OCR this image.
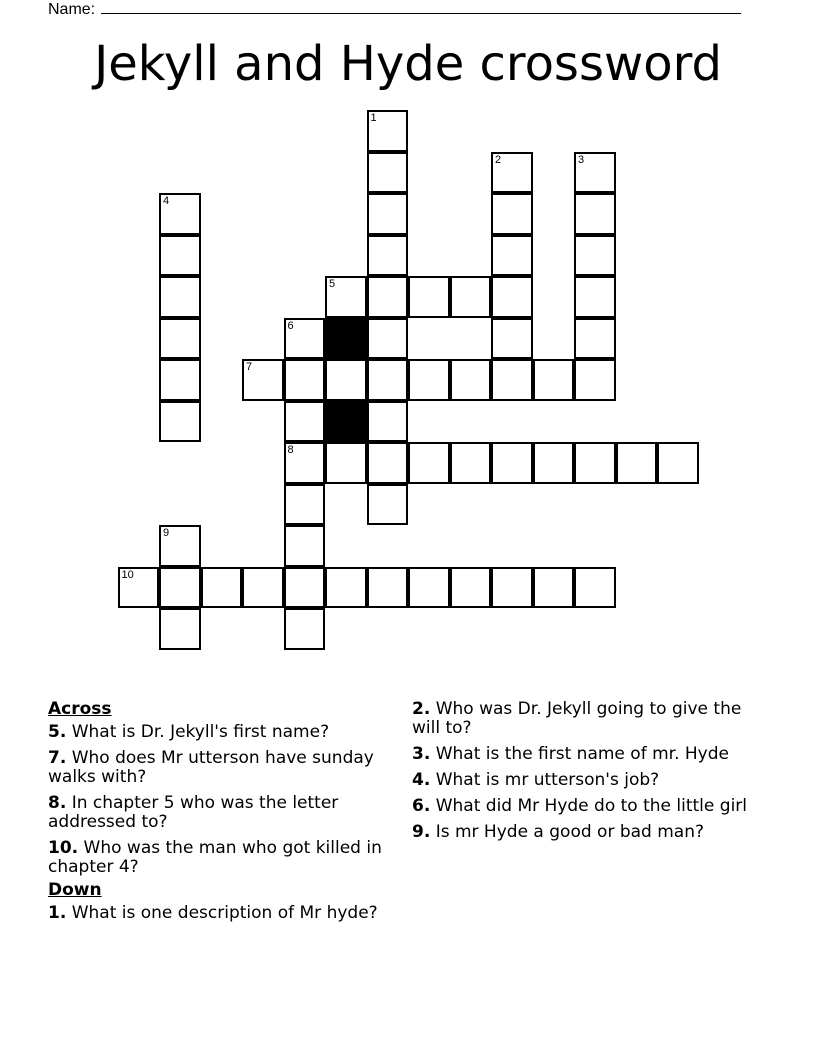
Name:
Jekyll and Hyde crossword
1
2	3
4
5
6
7
8
9
10
Across
5. What is Dr. Jekyll's first name?
7. Who does Mr utterson have sunday walks with?
8. In chapter 5 who was the letter addressed to?
10. Who was the man who got killed in chapter 4?
Down
1. What is one description of Mr hyde?
2. Who was Dr. Jekyll going to give the will to?
3. What is the first name of mr. Hyde
4. What is mr utterson's job?
6. What did Mr Hyde do to the little girl
9. Is mr Hyde a good or bad man?
